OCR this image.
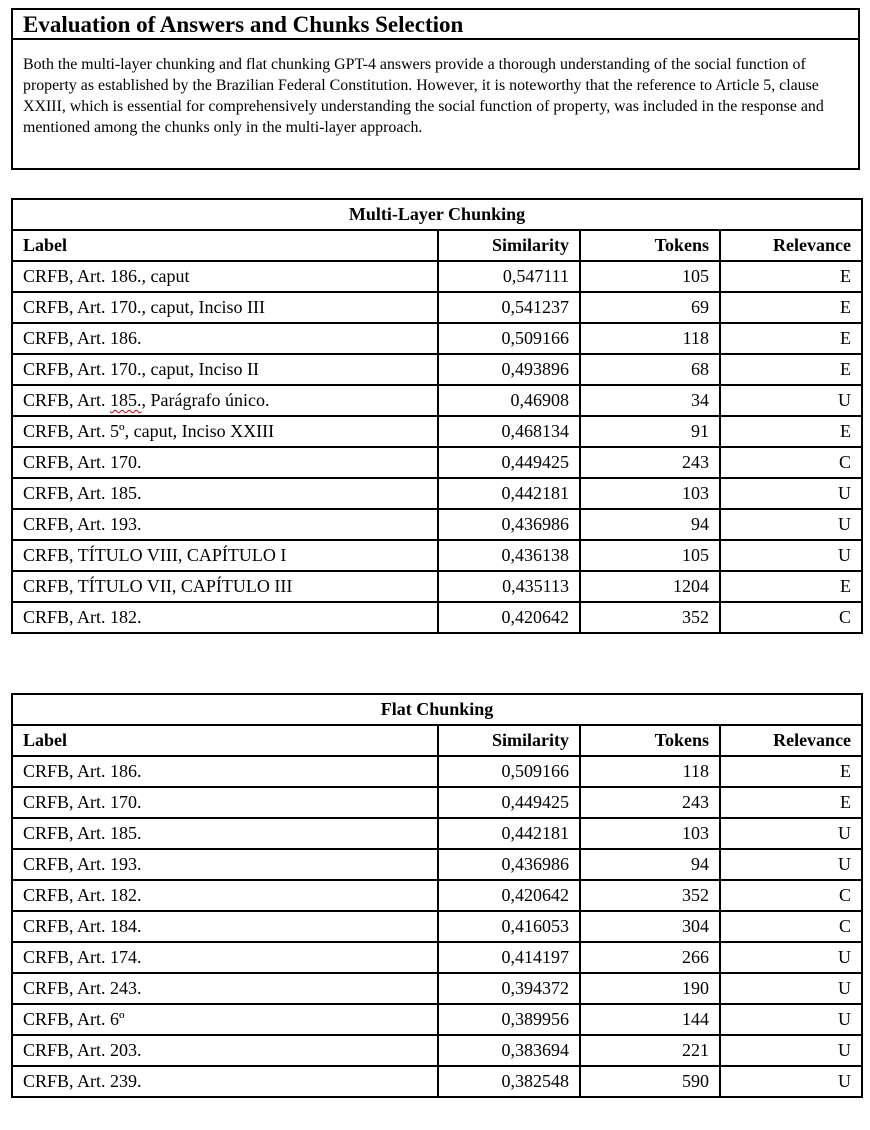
Evaluation of Answers and Chunks Selection
Both the multi-layer chunking and flat chunking GPT-4 answers provide a thorough understanding of the social function of property as established by the Brazilian Federal Constitution. However, it is noteworthy that the reference to Article 5, clause XXIII, which is essential for comprehensively understanding the social function of property, was included in the response and mentioned among the chunks only in the multi-layer approach.
Multi-Layer Chunking			
Label	Similarity	Tokens	Relevance
CRFB, Art. 186., caput	0,547111	105	E
CRFB, Art. 170., caput, Inciso III	0,541237	69	E
CRFB, Art. 186.	0,509166	118	E
CRFB, Art. 170., caput, Inciso II	0,493896	68	E
CRFB, Art. 185., Parágrafo único.	0,46908	34	U
CRFB, Art. 5º, caput, Inciso XXIII	0,468134	91	E
CRFB, Art. 170.	0,449425	243	C
CRFB, Art. 185.	0,442181	103	U
CRFB, Art. 193.	0,436986	94	U
CRFB, TÍTULO VIII, CAPÍTULO I	0,436138	105	U
CRFB, TÍTULO VII, CAPÍTULO III	0,435113	1204	E
CRFB, Art. 182.	0,420642	352	C
Flat Chunking			
Label	Similarity	Tokens	Relevance
CRFB, Art. 186.	0,509166	118	E
CRFB, Art. 170.	0,449425	243	E
CRFB, Art. 185.	0,442181	103	U
CRFB, Art. 193.	0,436986	94	U
CRFB, Art. 182.	0,420642	352	C
CRFB, Art. 184.	0,416053	304	C
CRFB, Art. 174.	0,414197	266	U
CRFB, Art. 243.	0,394372	190	U
CRFB, Art. 6º	0,389956	144	U
CRFB, Art. 203.	0,383694	221	U
CRFB, Art. 239.	0,382548	590	U
